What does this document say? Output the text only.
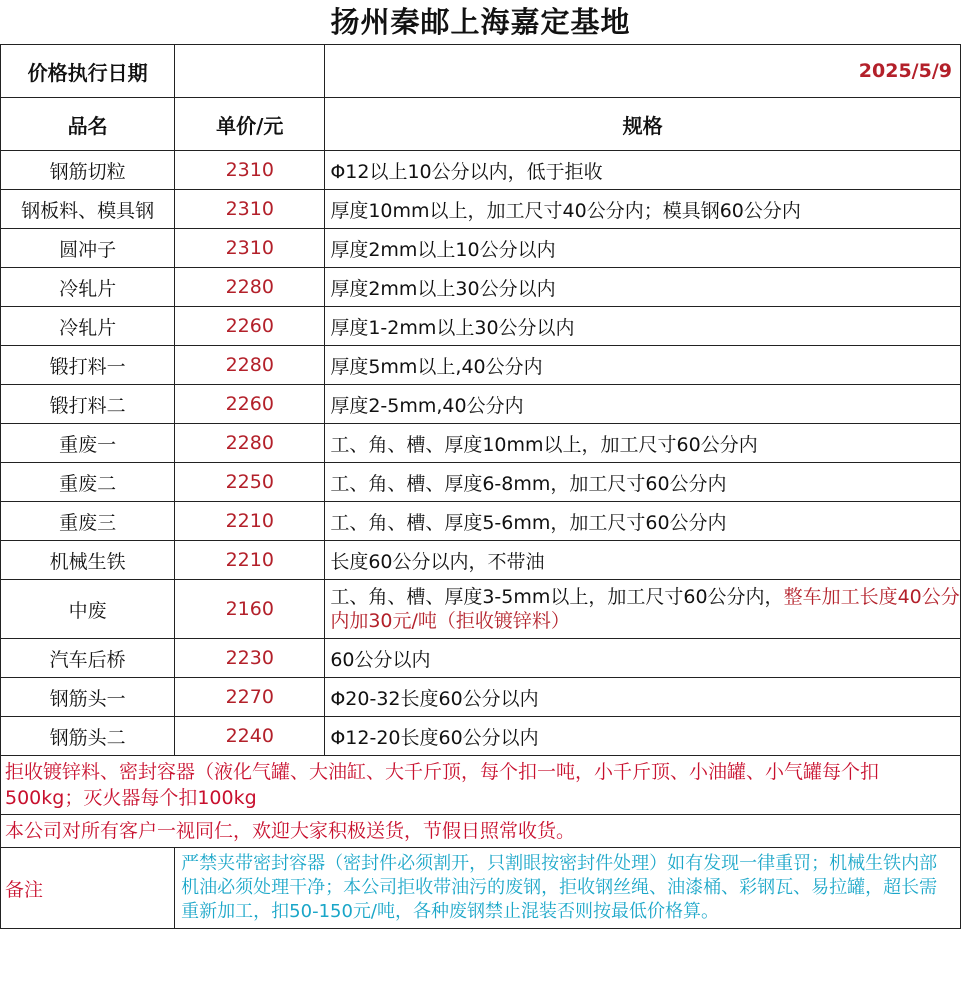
扬州秦邮上海嘉定基地
价格执行日期		2025/5/9
品名	单价/元	规格
钢筋切粒	2310	Φ12以上10公分以内，低于拒收
钢板料、模具钢	2310	厚度10mm以上，加工尺寸40公分内；模具钢60公分内
圆冲子	2310	厚度2mm以上10公分以内
冷轧片	2280	厚度2mm以上30公分以内
冷轧片	2260	厚度1-2mm以上30公分以内
锻打料一	2280	厚度5mm以上,40公分内
锻打料二	2260	厚度2-5mm,40公分内
重废一	2280	工、角、槽、厚度10mm以上，加工尺寸60公分内
重废二	2250	工、角、槽、厚度6-8mm，加工尺寸60公分内
重废三	2210	工、角、槽、厚度5-6mm，加工尺寸60公分内
机械生铁	2210	长度60公分以内，不带油
中废	2160	工、角、槽、厚度3-5mm以上，加工尺寸60公分内，整车加工长度40公分内加30元/吨（拒收镀锌料）
汽车后桥	2230	60公分以内
钢筋头一	2270	Φ20-32长度60公分以内
钢筋头二	2240	Φ12-20长度60公分以内
拒收镀锌料、密封容器（液化气罐、大油缸、大千斤顶，每个扣一吨，小千斤顶、小油罐、小气罐每个扣500kg；灭火器每个扣100kg		
本公司对所有客户一视同仁，欢迎大家积极送货，节假日照常收货。		
备注	严禁夹带密封容器（密封件必须割开，只割眼按密封件处理）如有发现一律重罚；机械生铁内部机油必须处理干净；本公司拒收带油污的废钢，拒收钢丝绳、油漆桶、彩钢瓦、易拉罐，超长需重新加工，扣50-150元/吨，各种废钢禁止混装否则按最低价格算。	
